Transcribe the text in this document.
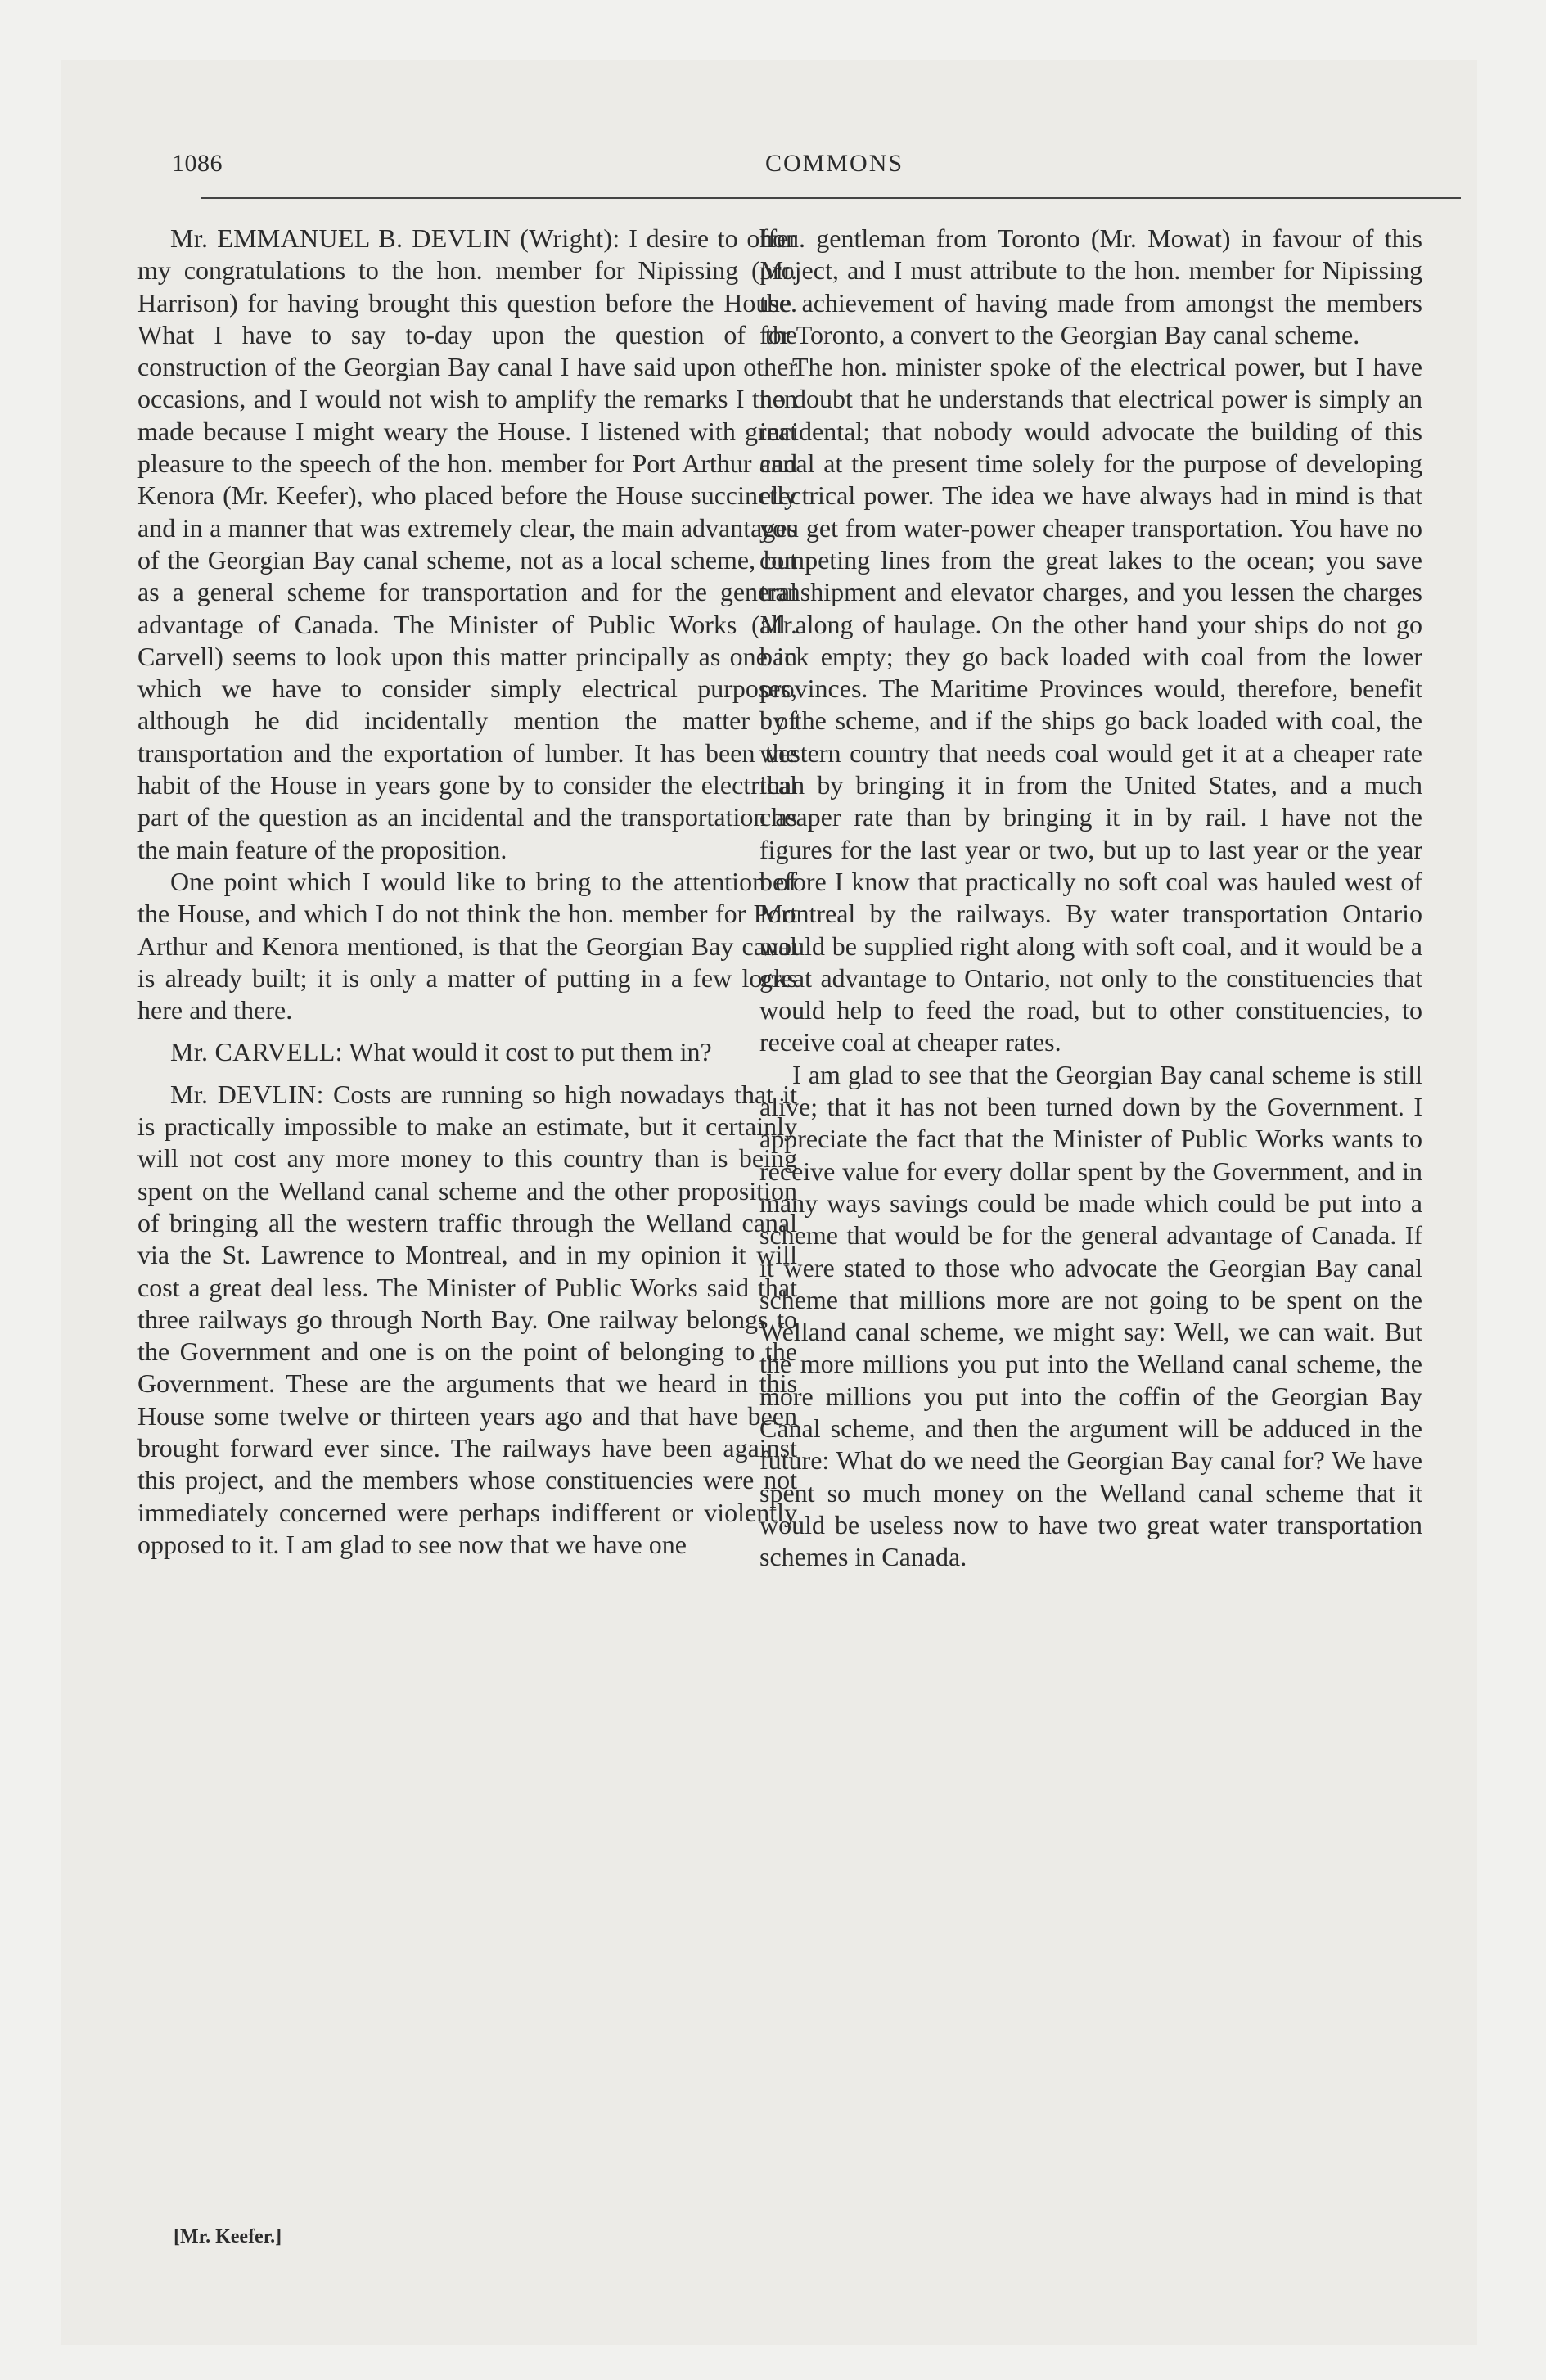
1086	COMMONS

Mr. EMMANUEL B. DEVLIN (Wright): I desire to offer my congratulations to the hon. member for Nipissing (Mr. Harrison) for having brought this question before the House. What I have to say to-day upon the question of the construction of the Georgian Bay canal I have said upon other occasions, and I would not wish to amplify the remarks I then made because I might weary the House. I listened with great pleasure to the speech of the hon. member for Port Arthur and Kenora (Mr. Keefer), who placed before the House succinctly and in a manner that was extremely clear, the main advantages of the Georgian Bay canal scheme, not as a local scheme, but as a general scheme for transportation and for the general advantage of Canada. The Minister of Public Works (Mr. Carvell) seems to look upon this matter principally as one in which we have to consider simply electrical purposes, although he did incidentally mention the matter of transportation and the exportation of lumber. It has been the habit of the House in years gone by to consider the electrical part of the question as an incidental and the transportation as the main feature of the proposition.

One point which I would like to bring to the attention of the House, and which I do not think the hon. member for Port Arthur and Kenora mentioned, is that the Georgian Bay canal is already built; it is only a matter of putting in a few locks here and there.

Mr. CARVELL: What would it cost to put them in?

Mr. DEVLIN: Costs are running so high nowadays that it is practically impossible to make an estimate, but it certainly will not cost any more money to this country than is being spent on the Welland canal scheme and the other proposition of bringing all the western traffic through the Welland canal via the St. Lawrence to Montreal, and in my opinion it will cost a great deal less. The Minister of Public Works said that three railways go through North Bay. One railway belongs to the Government and one is on the point of belonging to the Government. These are the arguments that we heard in this House some twelve or thirteen years ago and that have been brought forward ever since. The railways have been against this project, and the members whose constituencies were not immediately concerned were perhaps indifferent or violently opposed to it. I am glad to see now that we have one

hon. gentleman from Toronto (Mr. Mowat) in favour of this project, and I must attribute to the hon. member for Nipissing the achievement of having made from amongst the members for Toronto, a convert to the Georgian Bay canal scheme.

The hon. minister spoke of the electrical power, but I have no doubt that he understands that electrical power is simply an incidental; that nobody would advocate the building of this canal at the present time solely for the purpose of developing electrical power. The idea we have always had in mind is that you get from water-power cheaper transportation. You have no competing lines from the great lakes to the ocean; you save transhipment and elevator charges, and you lessen the charges all along of haulage. On the other hand your ships do not go back empty; they go back loaded with coal from the lower provinces. The Maritime Provinces would, therefore, benefit by the scheme, and if the ships go back loaded with coal, the western country that needs coal would get it at a cheaper rate than by bringing it in from the United States, and a much cheaper rate than by bringing it in by rail. I have not the figures for the last year or two, but up to last year or the year before I know that practically no soft coal was hauled west of Montreal by the railways. By water transportation Ontario would be supplied right along with soft coal, and it would be a great advantage to Ontario, not only to the constituencies that would help to feed the road, but to other constituencies, to receive coal at cheaper rates.

I am glad to see that the Georgian Bay canal scheme is still alive; that it has not been turned down by the Government. I appreciate the fact that the Minister of Public Works wants to receive value for every dollar spent by the Government, and in many ways savings could be made which could be put into a scheme that would be for the general advantage of Canada. If it were stated to those who advocate the Georgian Bay canal scheme that millions more are not going to be spent on the Welland canal scheme, we might say: Well, we can wait. But the more millions you put into the Welland canal scheme, the more millions you put into the coffin of the Georgian Bay Canal scheme, and then the argument will be adduced in the future: What do we need the Georgian Bay canal for? We have spent so much money on the Welland canal scheme that it would be useless now to have two great water transportation schemes in Canada.

[Mr. Keefer.]
